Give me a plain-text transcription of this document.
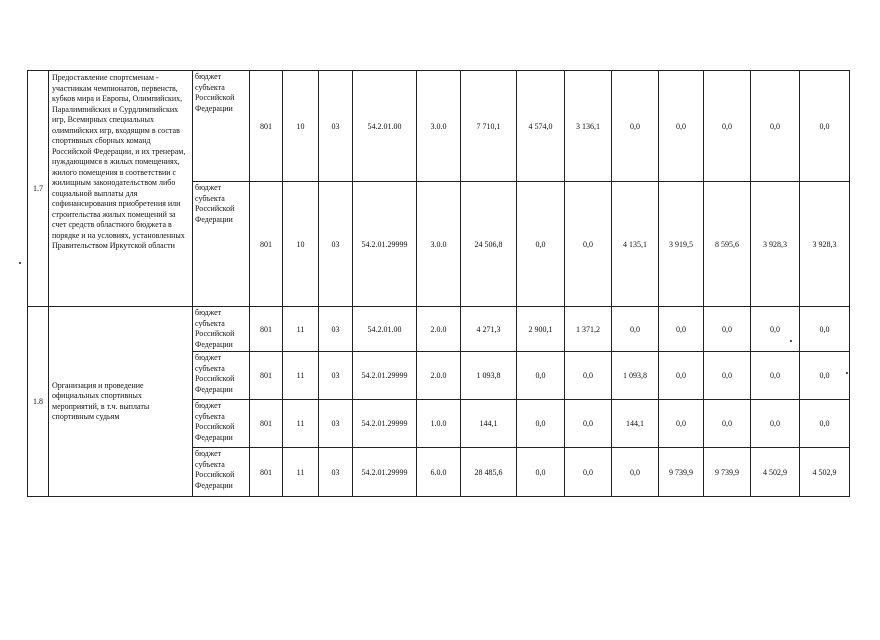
1.7	Предоставление спортсменам - участникам чемпионатов, первенств, кубков мира и Европы, Олимпийских, Паралимпийских и Сурдлимпийских игр, Всемирных специальных олимпийских игр, входящим в состав спортивных сборных команд Российской Федерации, и их тренерам, нуждающимся в жилых помещениях, жилого помещения в соответствии с жилищным законодательством либо социальной выплаты для софинансирования приобретения или строительства жилых помещений за счет средств областного бюджета в порядке и на условиях, установленных Правительством Иркутской области	бюджет субъекта Российской Федерации	801	10	03	54.2.01.00	3.0.0	7 710,1	4 574,0	3 136,1	0,0	0,0	0,0	0,0	0,0
		бюджет субъекта Российской Федерации	801	10	03	54.2.01.29999	3.0.0	24 506,8	0,0	0,0	4 135,1	3 919,5	8 595,6	3 928,3	3 928,3
1.8	Организация и проведение официальных спортивных мероприятий, в т.ч. выплаты спортивным судьям	бюджет субъекта Российской Федерации	801	11	03	54.2.01.00	2.0.0	4 271,3	2 900,1	1 371,2	0,0	0,0	0,0	0,0	0,0
		бюджет субъекта Российской Федерации	801	11	03	54.2.01.29999	2.0.0	1 093,8	0,0	0,0	1 093,8	0,0	0,0	0,0	0,0
		бюджет субъекта Российской Федерации	801	11	03	54.2.01.29999	1.0.0	144,1	0,0	0,0	144,1	0,0	0,0	0,0	0,0
		бюджет субъекта Российской Федерации	801	11	03	54.2.01.29999	6.0.0	28 485,6	0,0	0,0	0,0	9 739,9	9 739,9	4 502,9	4 502,9
